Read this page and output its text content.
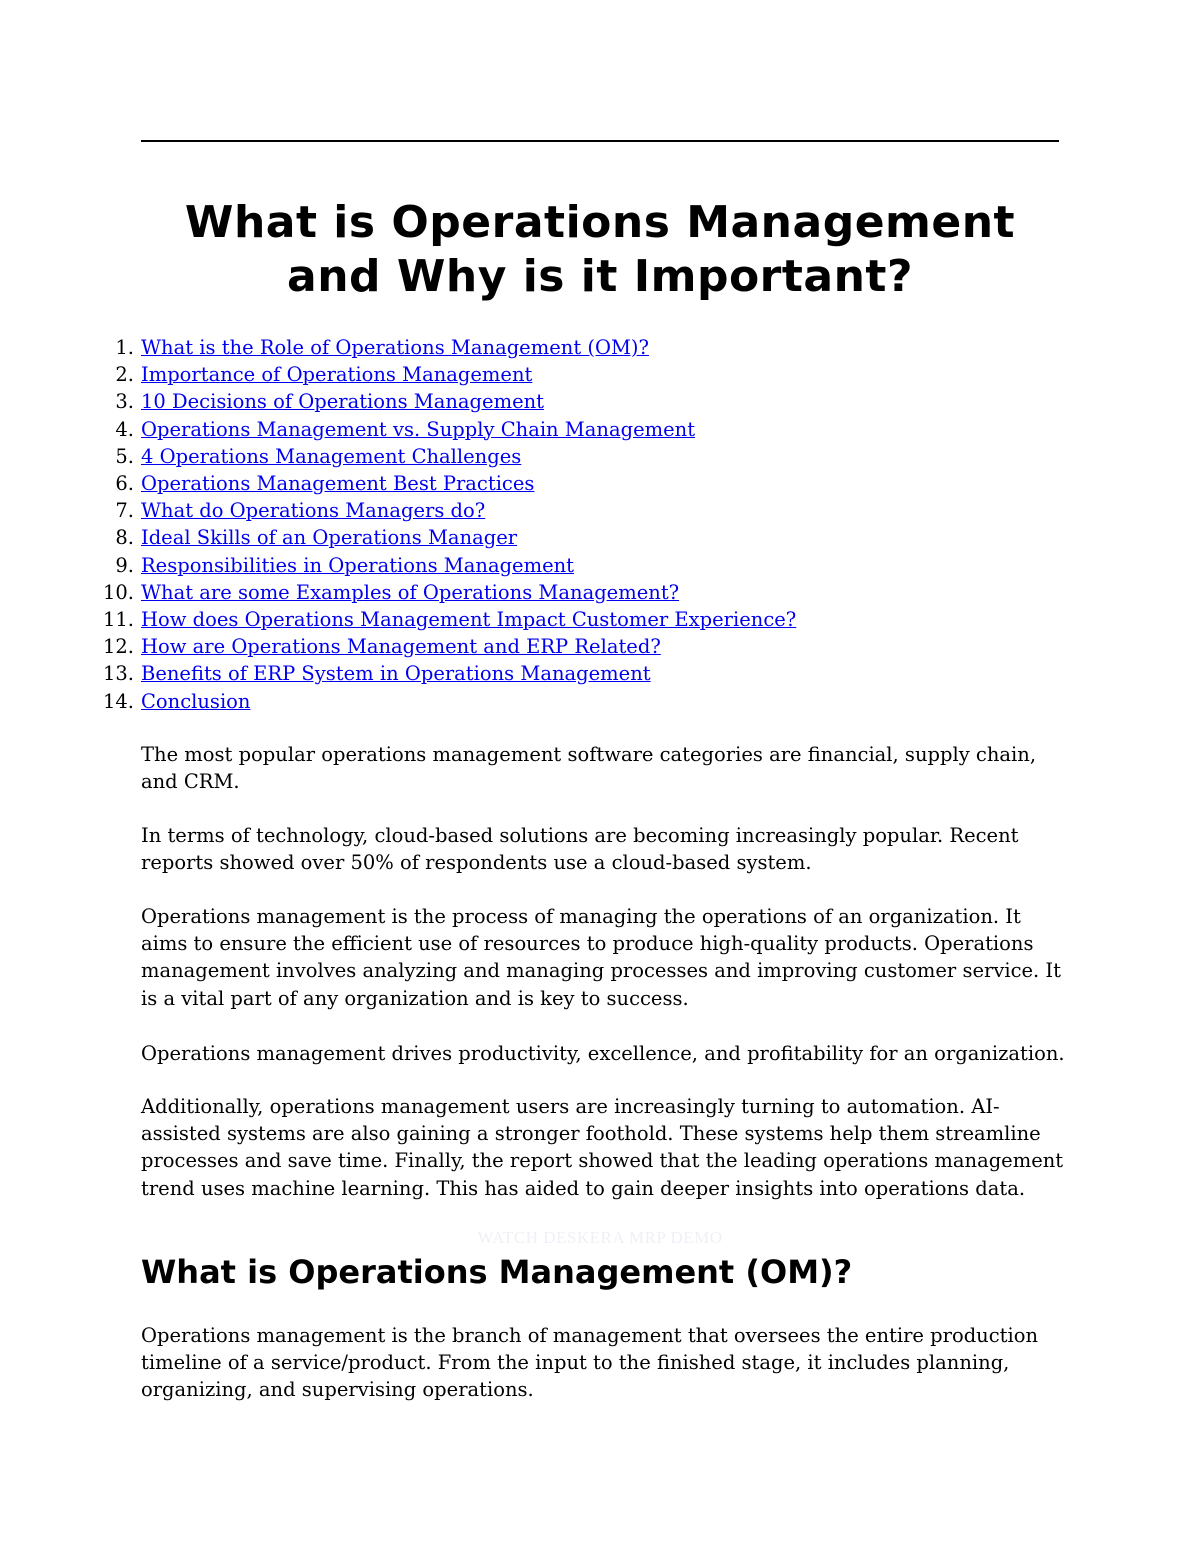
What is Operations Management
and Why is it Important?
1. What is the Role of Operations Management (OM)?
2. Importance of Operations Management
3. 10 Decisions of Operations Management
4. Operations Management vs. Supply Chain Management
5. 4 Operations Management Challenges
6. Operations Management Best Practices
7. What do Operations Managers do?
8. Ideal Skills of an Operations Manager
9. Responsibilities in Operations Management
10. What are some Examples of Operations Management?
11. How does Operations Management Impact Customer Experience?
12. How are Operations Management and ERP Related?
13. Benefits of ERP System in Operations Management
14. Conclusion

The most popular operations management software categories are financial, supply chain, and CRM.

In terms of technology, cloud-based solutions are becoming increasingly popular. Recent reports showed over 50% of respondents use a cloud-based system.

Operations management is the process of managing the operations of an organization. It aims to ensure the efficient use of resources to produce high-quality products. Operations management involves analyzing and managing processes and improving customer service. It is a vital part of any organization and is key to success.

Operations management drives productivity, excellence, and profitability for an organization.

Additionally, operations management users are increasingly turning to automation. AI-assisted systems are also gaining a stronger foothold. These systems help them streamline processes and save time. Finally, the report showed that the leading operations management trend uses machine learning. This has aided to gain deeper insights into operations data.

WATCH DESKERA MRP DEMO

What is Operations Management (OM)?

Operations management is the branch of management that oversees the entire production timeline of a service/product. From the input to the finished stage, it includes planning, organizing, and supervising operations.
